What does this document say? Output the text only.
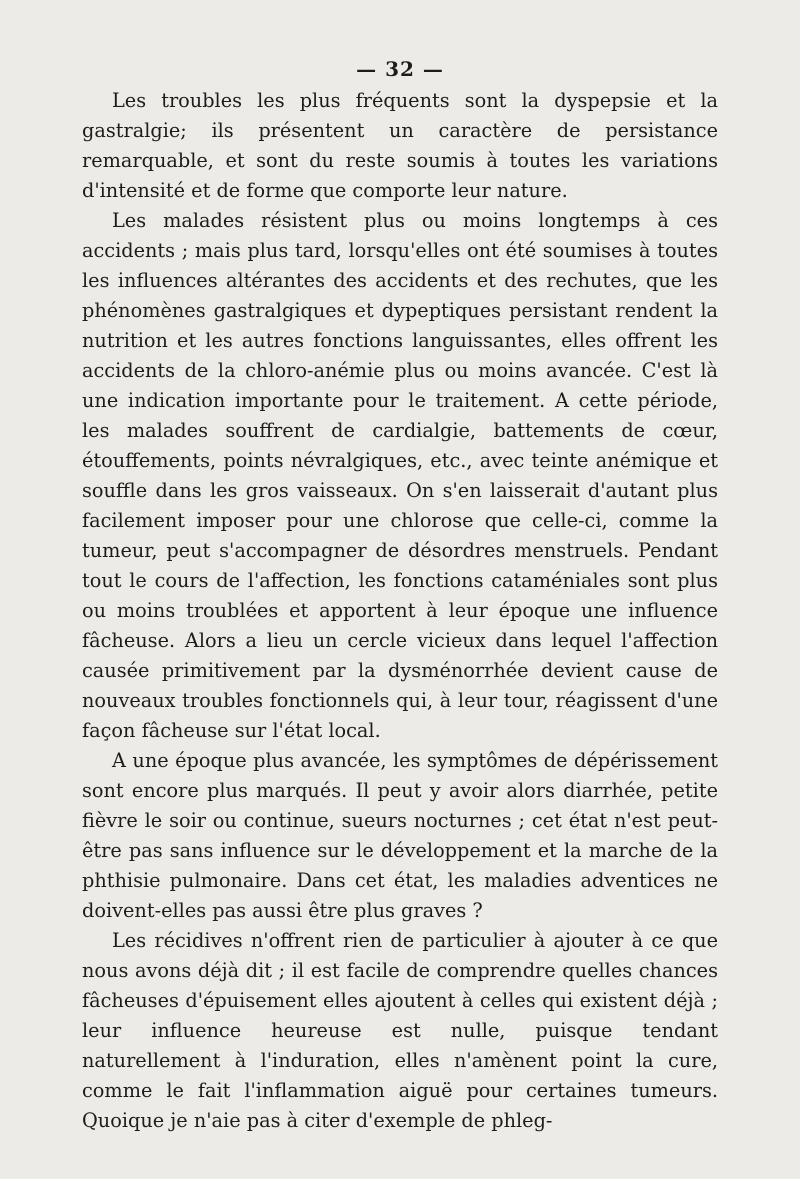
— 32 —

Les troubles les plus fréquents sont la dyspepsie et la gastralgie; ils présentent un caractère de persistance remarquable, et sont du reste soumis à toutes les variations d'intensité et de forme que comporte leur nature.

Les malades résistent plus ou moins longtemps à ces accidents ; mais plus tard, lorsqu'elles ont été soumises à toutes les influences altérantes des accidents et des rechutes, que les phénomènes gastralgiques et dypeptiques persistant rendent la nutrition et les autres fonctions languissantes, elles offrent les accidents de la chloro-anémie plus ou moins avancée. C'est là une indication importante pour le traitement. A cette période, les malades souffrent de cardialgie, battements de cœur, étouffements, points névralgiques, etc., avec teinte anémique et souffle dans les gros vaisseaux. On s'en laisserait d'autant plus facilement imposer pour une chlorose que celle-ci, comme la tumeur, peut s'accompagner de désordres menstruels. Pendant tout le cours de l'affection, les fonctions cataméniales sont plus ou moins troublées et apportent à leur époque une influence fâcheuse. Alors a lieu un cercle vicieux dans lequel l'affection causée primitivement par la dysménorrhée devient cause de nouveaux troubles fonctionnels qui, à leur tour, réagissent d'une façon fâcheuse sur l'état local.

A une époque plus avancée, les symptômes de dépérissement sont encore plus marqués. Il peut y avoir alors diarrhée, petite fièvre le soir ou continue, sueurs nocturnes ; cet état n'est peut-être pas sans influence sur le développement et la marche de la phthisie pulmonaire. Dans cet état, les maladies adventices ne doivent-elles pas aussi être plus graves ?

Les récidives n'offrent rien de particulier à ajouter à ce que nous avons déjà dit ; il est facile de comprendre quelles chances fâcheuses d'épuisement elles ajoutent à celles qui existent déjà ; leur influence heureuse est nulle, puisque tendant naturellement à l'induration, elles n'amènent point la cure, comme le fait l'inflammation aiguë pour certaines tumeurs. Quoique je n'aie pas à citer d'exemple de phleg-
